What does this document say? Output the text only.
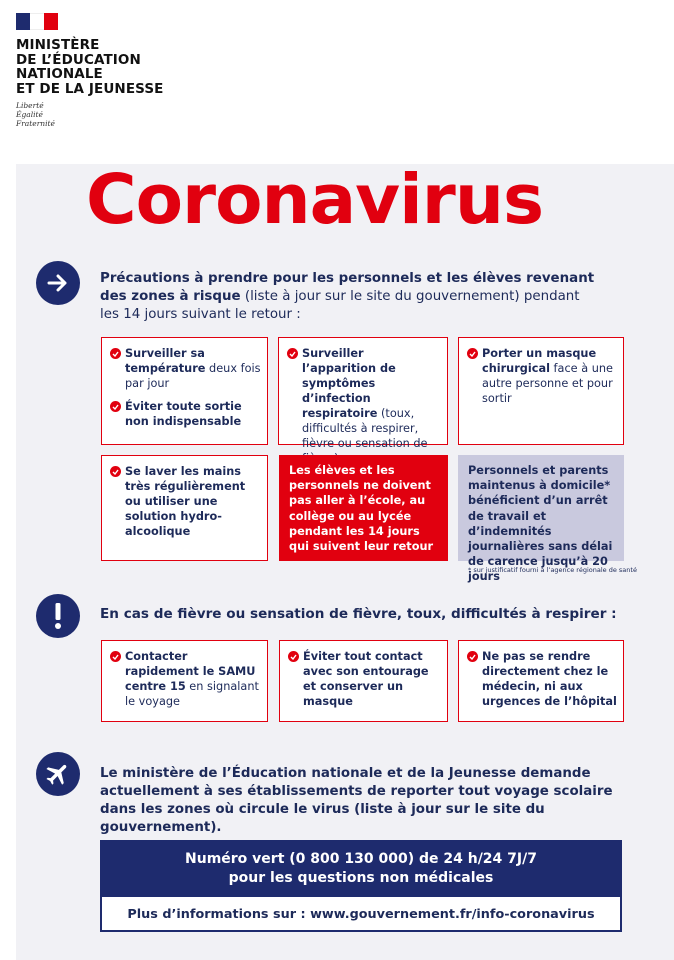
MINISTÈRE
DE L’ÉDUCATION
NATIONALE
ET DE LA JEUNESSE
Liberté
Égalité
Fraternité
Coronavirus
Précautions à prendre pour les personnels et les élèves revenant des zones à risque (liste à jour sur le site du gouvernement) pendant les 14 jours suivant le retour :
Surveiller sa température deux fois par jour
Éviter toute sortie non indispensable
Surveiller l’apparition de symptômes d’infection respiratoire (toux, difficultés à respirer, fièvre ou sensation de
Porter un masque chirurgical face à une autre personne et pour sortir
Se laver les mains très régulièrement ou utiliser une solution hydro-alcoolique
Les élèves et les personnels ne doivent pas aller à l’école, au collège ou au lycée pendant les 14 jours qui suivent leur retour
Personnels et parents maintenus à domicile* bénéficient d’un arrêt de travail et d’indemnités journalières sans délai de carence jusqu’à 20 jours
* sur justificatif fourni à l’agence régionale de santé
En cas de fièvre ou sensation de fièvre, toux, difficultés à respirer :
Contacter rapidement le SAMU centre 15 en signalant le voyage
Éviter tout contact avec son entourage et conserver un masque
Ne pas se rendre directement chez le médecin, ni aux urgences de l’hôpital
Le ministère de l’Éducation nationale et de la Jeunesse demande actuellement à ses établissements de reporter tout voyage scolaire dans les zones où circule le virus (liste à jour sur le site du gouvernement).
Numéro vert (0 800 130 000) de 24 h/24 7J/7
pour les questions non médicales
Plus d’informations sur : www.gouvernement.fr/info-coronavirus
